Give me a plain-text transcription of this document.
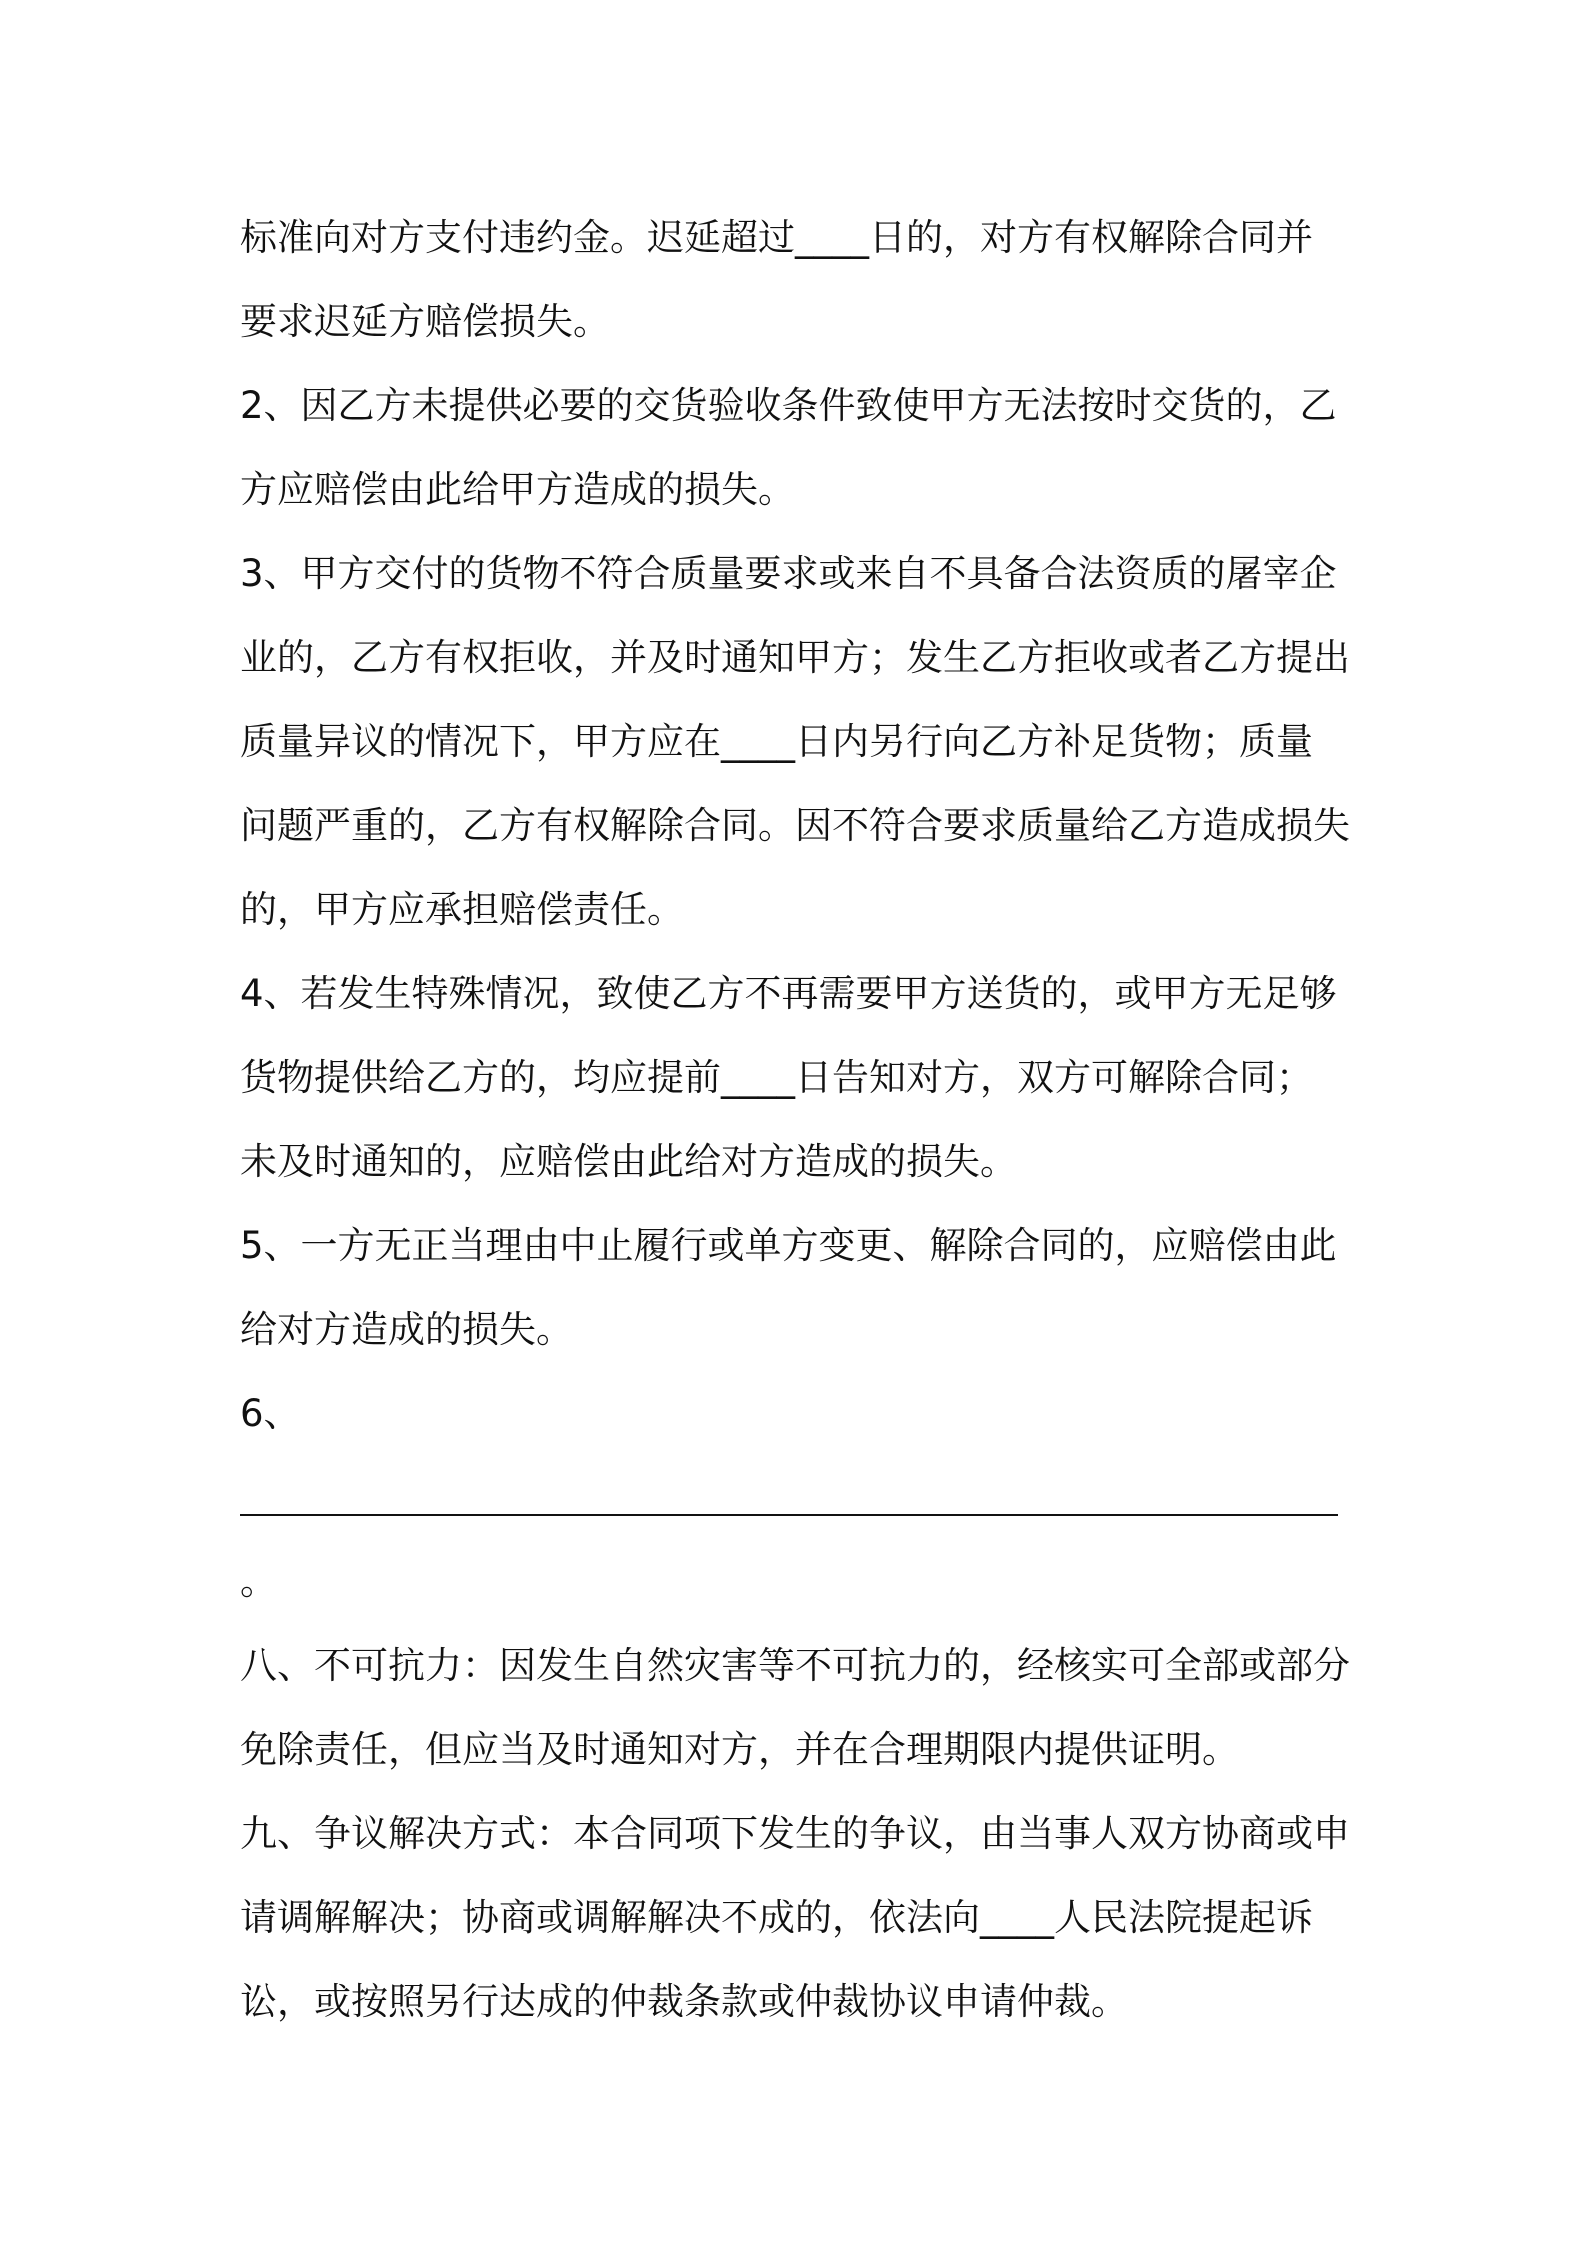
标准向对方支付违约金。迟延超过____日的，对方有权解除合同并
要求迟延方赔偿损失。

2、因乙方未提供必要的交货验收条件致使甲方无法按时交货的，乙
方应赔偿由此给甲方造成的损失。

3、甲方交付的货物不符合质量要求或来自不具备合法资质的屠宰企
业的，乙方有权拒收，并及时通知甲方；发生乙方拒收或者乙方提出
质量异议的情况下，甲方应在____日内另行向乙方补足货物；质量
问题严重的，乙方有权解除合同。因不符合要求质量给乙方造成损失
的，甲方应承担赔偿责任。

4、若发生特殊情况，致使乙方不再需要甲方送货的，或甲方无足够
货物提供给乙方的，均应提前____日告知对方，双方可解除合同；
未及时通知的，应赔偿由此给对方造成的损失。

5、一方无正当理由中止履行或单方变更、解除合同的，应赔偿由此
给对方造成的损失。

6、
。

八、不可抗力：因发生自然灾害等不可抗力的，经核实可全部或部分
免除责任，但应当及时通知对方，并在合理期限内提供证明。

九、争议解决方式：本合同项下发生的争议，由当事人双方协商或申
请调解解决；协商或调解解决不成的，依法向____人民法院提起诉
讼，或按照另行达成的仲裁条款或仲裁协议申请仲裁。
